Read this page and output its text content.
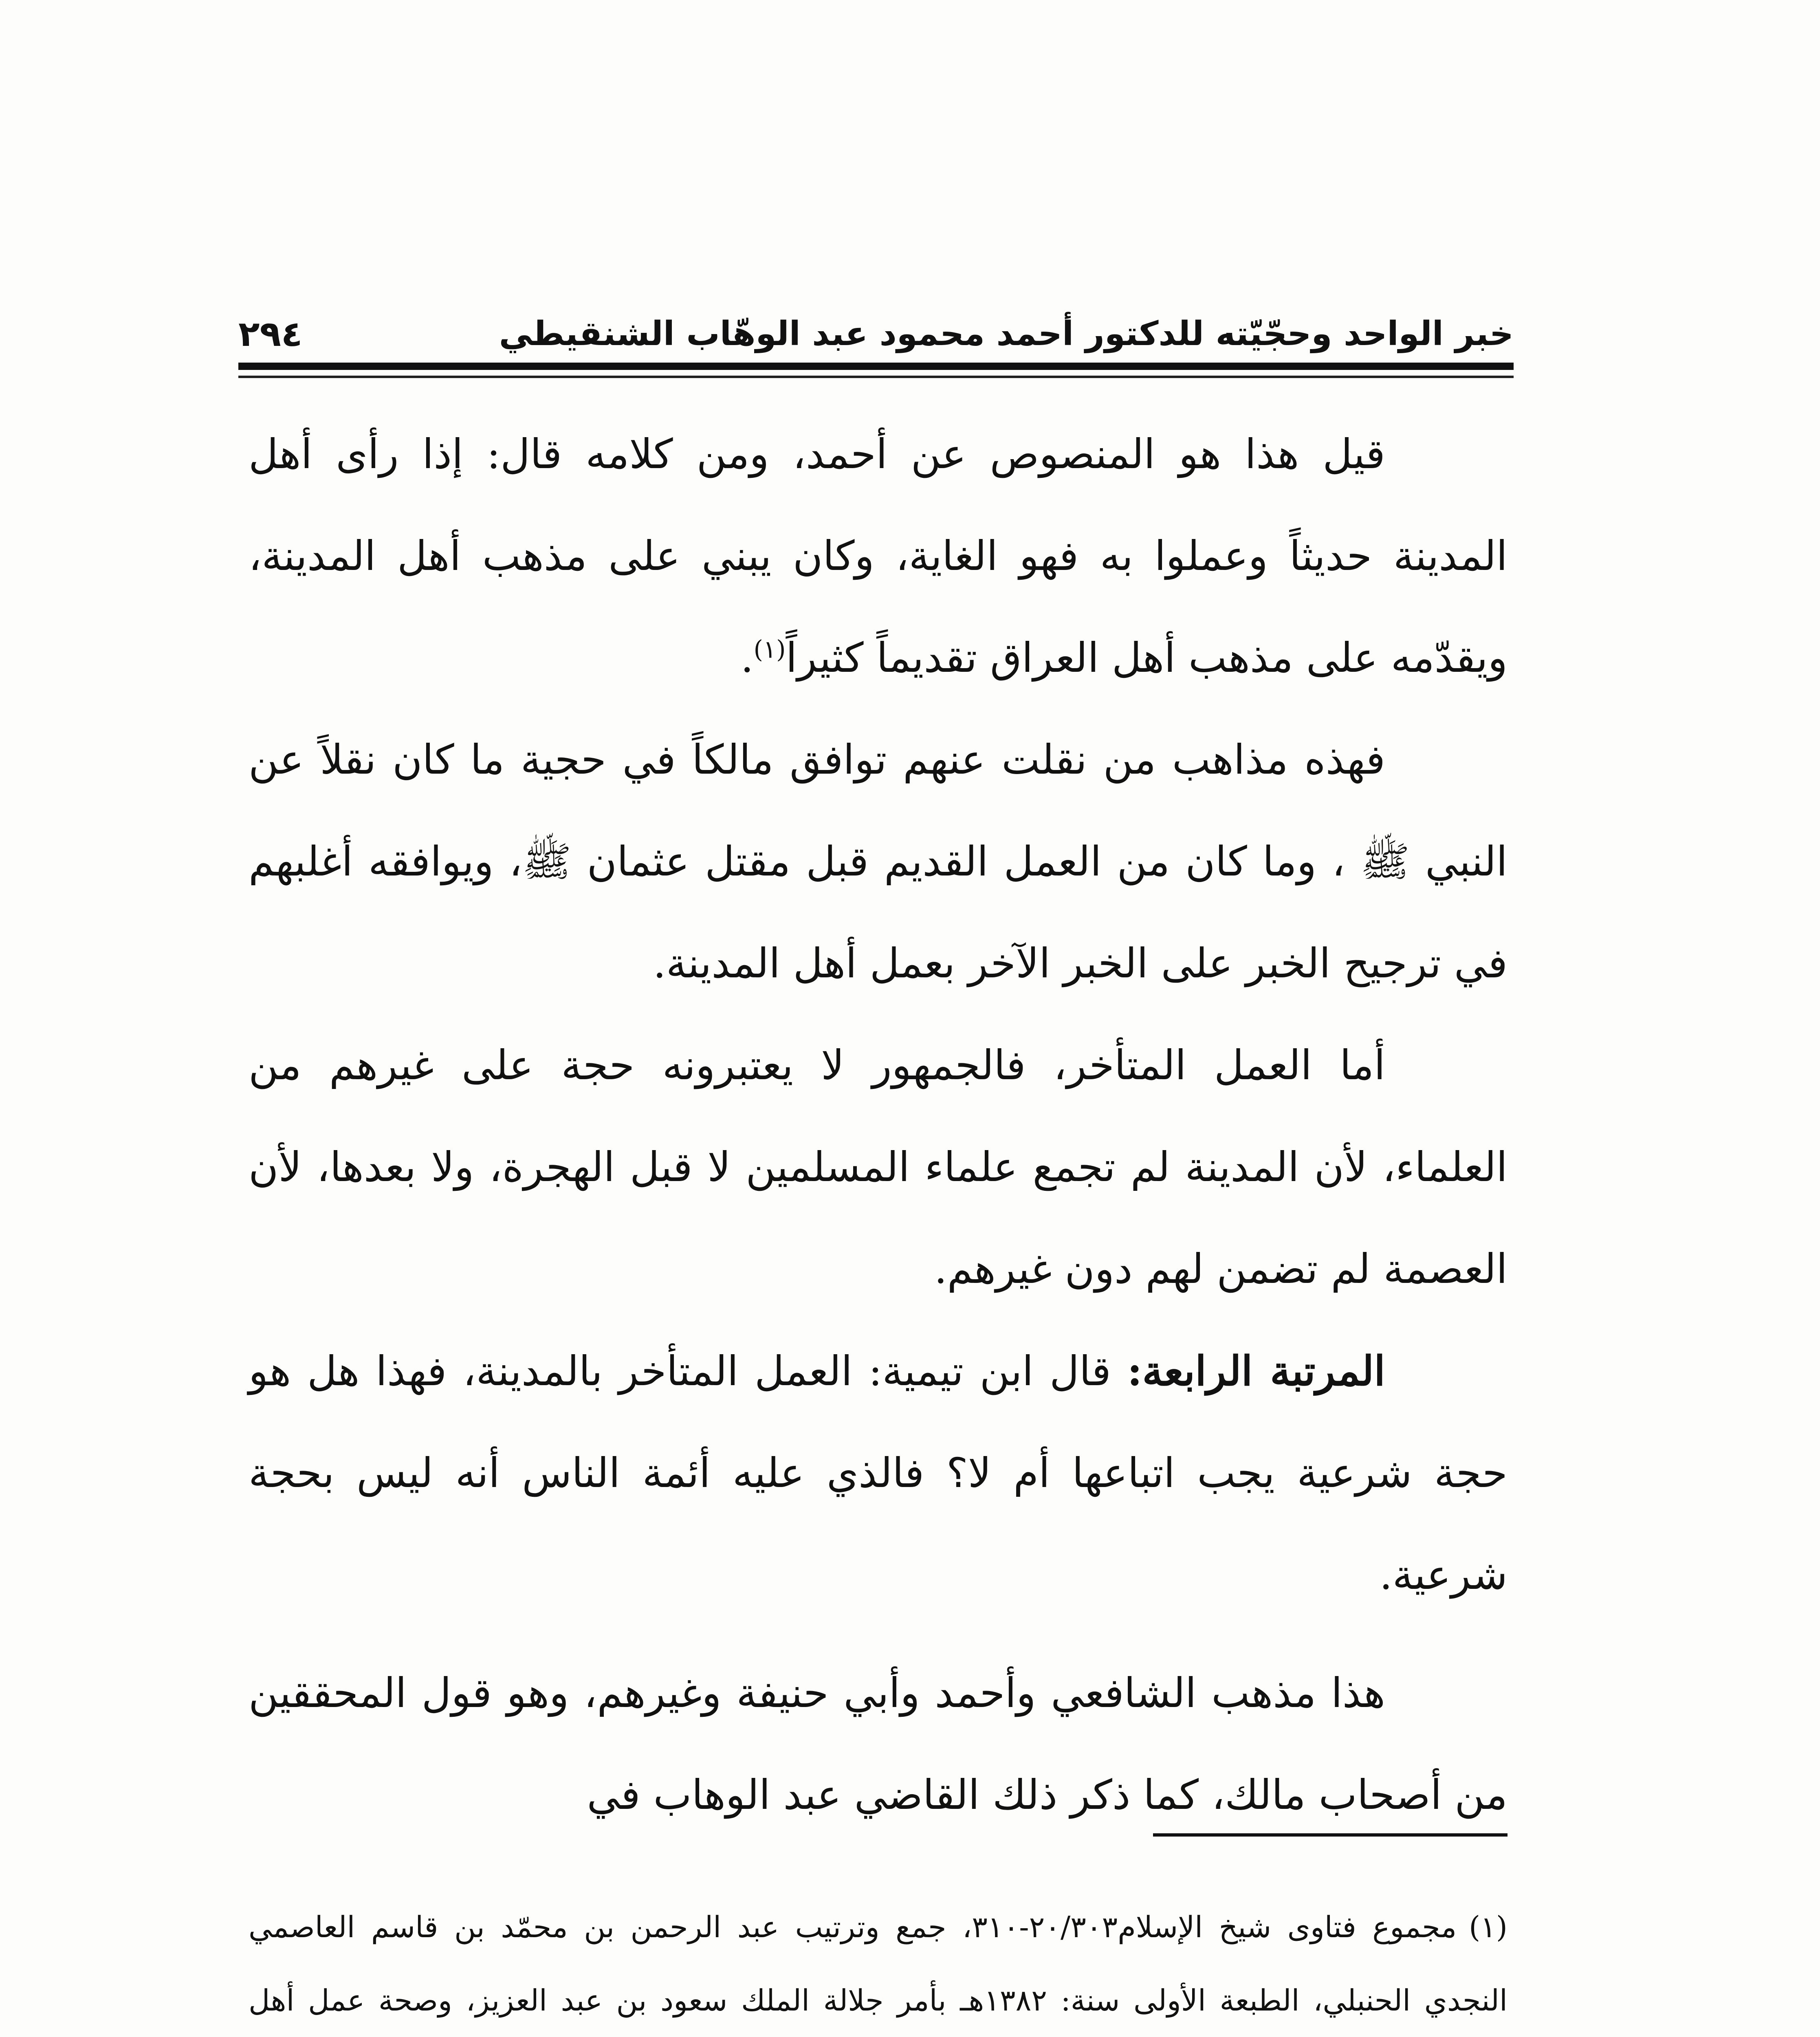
خبر الواحد وحجّيّته للدكتور أحمد محمود عبد الوهّاب الشنقيطي
٢٩٤

قيل هذا هو المنصوص عن أحمد، ومن كلامه قال: إذا رأى أهل المدينة حديثاً وعملوا به فهو الغاية، وكان يبني على مذهب أهل المدينة، ويقدّمه على مذهب أهل العراق تقديماً كثيراً$^{(١)}$.

فهذه مذاهب من نقلت عنهم توافق مالكاً في حجية ما كان نقلاً عن النبي ﷺ ، وما كان من العمل القديم قبل مقتل عثمان ﷺ، ويوافقه أغلبهم في ترجيح الخبر على الخبر الآخر بعمل أهل المدينة.

أما العمل المتأخر، فالجمهور لا يعتبرونه حجة على غيرهم من العلماء، لأن المدينة لم تجمع علماء المسلمين لا قبل الهجرة، ولا بعدها، لأن العصمة لم تضمن لهم دون غيرهم.

المرتبة الرابعة: قال ابن تيمية: العمل المتأخر بالمدينة، فهذا هل هو حجة شرعية يجب اتباعها أم لا؟ فالذي عليه أئمة الناس أنه ليس بحجة شرعية.

هذا مذهب الشافعي وأحمد وأبي حنيفة وغيرهم، وهو قول المحققين من أصحاب مالك، كما ذكر ذلك القاضي عبد الوهاب في

(١)مجموع فتاوى شيخ الإسلام٢٠/٣٠٣-٣١٠، جمع وترتيب عبد الرحمن بن محمّد بن قاسم العاصمي النجدي الحنبلي، الطبعة الأولى سنة: ١٣٨٢هـ بأمر جلالة الملك سعود بن عبد العزيز، وصحة عمل أهل
